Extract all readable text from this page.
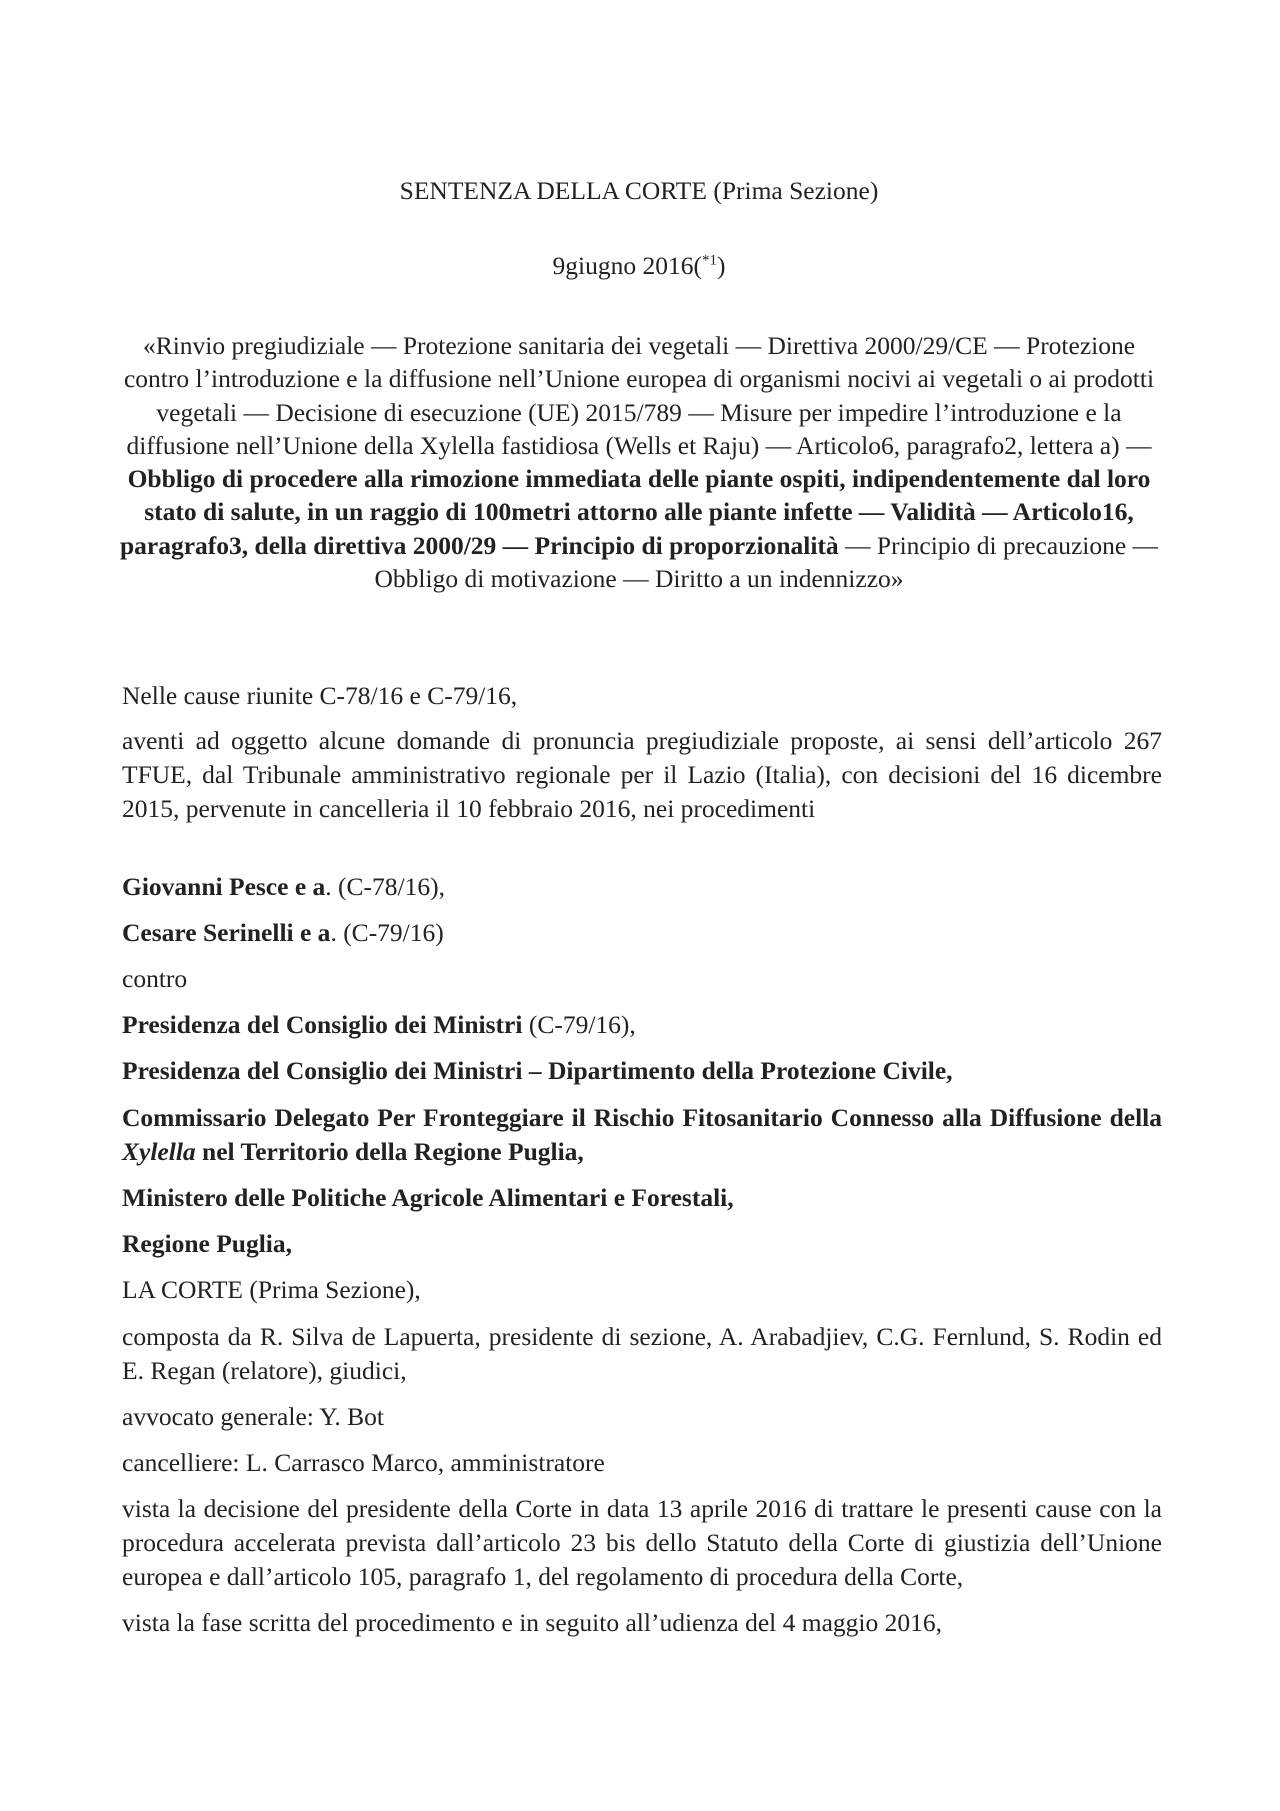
SENTENZA DELLA CORTE (Prima Sezione)
9giugno 2016($^{*1}$)
«Rinvio pregiudiziale — Protezione sanitaria dei vegetali — Direttiva 2000/29/CE — Protezione contro l’introduzione e la diffusione nell’Unione europea di organismi nocivi ai vegetali o ai prodotti vegetali — Decisione di esecuzione (UE) 2015/789 — Misure per impedire l’introduzione e la diffusione nell’Unione della Xylella fastidiosa (Wells et Raju) — Articolo6, paragrafo2, lettera a) — Obbligo di procedere alla rimozione immediata delle piante ospiti, indipendentemente dal loro stato di salute, in un raggio di 100metri attorno alle piante infette — Validità — Articolo16, paragrafo3, della direttiva 2000/29 — Principio di proporzionalità — Principio di precauzione — Obbligo di motivazione — Diritto a un indennizzo»
Nelle cause riunite C-78/16 e C-79/16,
aventi ad oggetto alcune domande di pronuncia pregiudiziale proposte, ai sensi dell’articolo 267 TFUE, dal Tribunale amministrativo regionale per il Lazio (Italia), con decisioni del 16 dicembre 2015, pervenute in cancelleria il 10 febbraio 2016, nei procedimenti
Giovanni Pesce e a. (C-78/16),
Cesare Serinelli e a. (C-79/16)
contro
Presidenza del Consiglio dei Ministri (C-79/16),
Presidenza del Consiglio dei Ministri – Dipartimento della Protezione Civile,
Commissario Delegato Per Fronteggiare il Rischio Fitosanitario Connesso alla Diffusione della Xylella nel Territorio della Regione Puglia,
Ministero delle Politiche Agricole Alimentari e Forestali,
Regione Puglia,
LA CORTE (Prima Sezione),
composta da R. Silva de Lapuerta, presidente di sezione, A. Arabadjiev, C.G. Fernlund, S. Rodin ed E. Regan (relatore), giudici,
avvocato generale: Y. Bot
cancelliere: L. Carrasco Marco, amministratore
vista la decisione del presidente della Corte in data 13 aprile 2016 di trattare le presenti cause con la procedura accelerata prevista dall’articolo 23 bis dello Statuto della Corte di giustizia dell’Unione europea e dall’articolo 105, paragrafo 1, del regolamento di procedura della Corte,
vista la fase scritta del procedimento e in seguito all’udienza del 4 maggio 2016,
